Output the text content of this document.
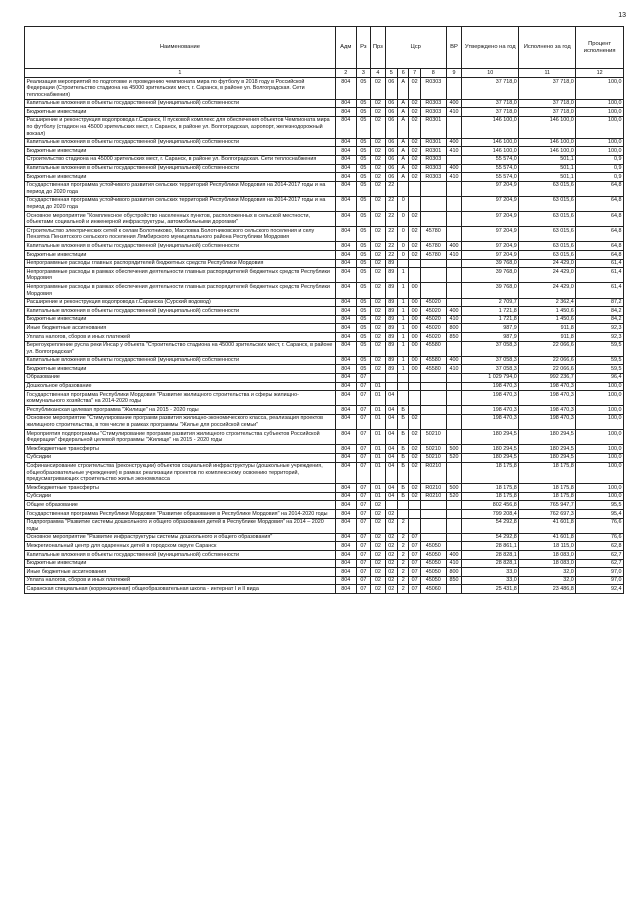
13
Наименование	Адм	Рз	Прз	Цср				ВР	Утверждено на год	Исполнено за год	Процент исполнения
1	2	3	4	5	6	7	8	9	10	11	12
Реализация мероприятий по подготовке и проведению чемпионата мира по футболу в 2018 году в Российской Федерации (Строительство стадиона на 45000 зрительских мест, г. Саранск, в районе ул. Волгоградская. Сети теплоснабжения)	804	05	02	06	А	02	R0303		37 718,0	37 718,0	100,0
Капитальные вложения в объекты государственной (муниципальной) собственности	804	05	02	06	А	02	R0303	400	37 718,0	37 718,0	100,0
Бюджетные инвестиции	804	05	02	06	А	02	R0303	410	37 718,0	37 718,0	100,0
Расширение и реконструкция водопровода г.Саранск, II пусковой комплекс для обеспечения объектов Чемпионата мира по футболу (стадион на 45000 зрительских мест, г. Саранск, в районе ул. Волгоградская, аэропорт, железнодорожный вокзал)	804	05	02	06	А	02	R0301		146 100,0	146 100,0	100,0
Капитальные вложения в объекты государственной (муниципальной) собственности	804	05	02	06	А	02	R0301	400	146 100,0	146 100,0	100,0
Бюджетные инвестиции	804	05	02	06	А	02	R0301	410	146 100,0	146 100,0	100,0
Строительство стадиона на 45000 зрительских мест, г. Саранск, в районе ул. Волгоградская. Сети теплоснабжения	804	05	02	06	А	02	R0303		55 574,0	501,1	0,9
Капитальные вложения в объекты государственной (муниципальной) собственности	804	05	02	06	А	02	R0303	400	55 574,0	501,1	0,9
Бюджетные инвестиции	804	05	02	06	А	02	R0303	410	55 574,0	501,1	0,9
Государственная программа устойчивого развития сельских территорий Республики Мордовия на 2014-2017 годы и на период до 2020 года	804	05	02	22					97 204,9	63 015,6	64,8
Государственная программа устойчивого развития сельских территорий Республики Мордовия на 2014-2017 годы и на период до 2020 года	804	05	02	22	0				97 204,9	63 015,6	64,8
Основное мероприятие "Комплексное обустройство населенных пунктов, расположенных в сельской местности, объектами социальной и инженерной инфраструктуры, автомобильными дорогами"	804	05	02	22	0	02			97 204,9	63 015,6	64,8
Строительство электрических сетей к селам Болотниково, Масловка Болотниковского сельского поселения и селу Пензятка Пензятского сельского поселения Лямбирского муниципального района Республики Мордовия	804	05	02	22	0	02	45780		97 204,9	63 015,6	64,8
Капитальные вложения в объекты государственной (муниципальной) собственности	804	05	02	22	0	02	45780	400	97 204,9	63 015,6	64,8
Бюджетные инвестиции	804	05	02	22	0	02	45780	410	97 204,9	63 015,6	64,8
Непрограммные расходы главных распорядителей бюджетных средств Республики Мордовия	804	05	02	89					39 768,0	24 429,0	61,4
Непрограммные расходы в рамках обеспечения деятельности главных распорядителей бюджетных средств Республики Мордовия	804	05	02	89	1				39 768,0	24 429,0	61,4
Непрограммные расходы в рамках обеспечения деятельности главных распорядителей бюджетных средств Республики Мордовия	804	05	02	89	1	00			39 768,0	24 429,0	61,4
Расширение и реконструкция водопровода г.Саранска (Сурский водовод)	804	05	02	89	1	00	45020		2 709,7	2 362,4	87,2
Капитальные вложения в объекты государственной (муниципальной) собственности	804	05	02	89	1	00	45020	400	1 721,8	1 450,6	84,2
Бюджетные инвестиции	804	05	02	89	1	00	45020	410	1 721,8	1 450,6	84,2
Иные бюджетные ассигнования	804	05	02	89	1	00	45020	800	987,9	911,8	92,3
Уплата налогов, сборов и иных платежей	804	05	02	89	1	00	45020	850	987,9	911,8	92,3
Берегоукрепление русла реки Инсар у объекта "Строительство стадиона на 45000 зрительских мест, г. Саранск, в районе ул. Волгоградская"	804	05	02	89	1	00	45580		37 058,3	22 066,6	59,5
Капитальные вложения в объекты государственной (муниципальной) собственности	804	05	02	89	1	00	45580	400	37 058,3	22 066,6	59,5
Бюджетные инвестиции	804	05	02	89	1	00	45580	410	37 058,3	22 066,6	59,5
Образование	804	07							1 029 794,0	992 236,7	96,4
Дошкольное образование	804	07	01						198 470,3	198 470,3	100,0
Государственная программа Республики Мордовия "Развитие жилищного строительства и сферы жилищно-коммунального хозяйства" на 2014-2020 годы	804	07	01	04					198 470,3	198 470,3	100,0
Республиканская целевая программа "Жилище" на 2015 - 2020 годы	804	07	01	04	Б				198 470,3	198 470,3	100,0
Основное мероприятие "Стимулирование программ развития жилищно-экономического класса, реализация проектов жилищного строительства, в том числе в рамках программы "Жилье для российской семьи"	804	07	01	04	Б	02			198 470,3	198 470,3	100,0
Мероприятия подпрограммы "Стимулирование программ развития жилищного строительства субъектов Российской Федерации" федеральной целевой программы "Жилище" на 2015 - 2020 годы	804	07	01	04	Б	02	50210		180 294,5	180 294,5	100,0
Межбюджетные трансферты	804	07	01	04	Б	02	50210	500	180 294,5	180 294,5	100,0
Субсидии	804	07	01	04	Б	02	50210	520	180 294,5	180 294,5	100,0
Софинансирование строительства (реконструкции) объектов социальной инфраструктуры (дошкольные учреждения, общеобразовательные учреждения) в рамках реализации проектов по комплексному освоению территорий, предусматривающих строительство жилья экономкласса	804	07	01	04	Б	02	R0210		18 175,8	18 175,8	100,0
Межбюджетные трансферты	804	07	01	04	Б	02	R0210	500	18 175,8	18 175,8	100,0
Субсидии	804	07	01	04	Б	02	R0210	520	18 175,8	18 175,8	100,0
Общее образование	804	07	02						802 456,8	765 947,7	95,5
Государственная программа Республики Мордовия "Развитие образования в Республике Мордовия" на 2014-2020 годы	804	07	02	02					799 208,4	762 697,3	95,4
Подпрограмма "Развитие системы дошкольного и общего образования детей в Республике Мордовия" на 2014 – 2020 годы	804	07	02	02	2				54 292,8	41 601,8	76,6
Основное мероприятие "Развитие инфраструктуры системы дошкольного и общего образования"	804	07	02	02	2	07			54 292,8	41 601,8	76,6
Межрегиональный центр для одаренных детей в городском округе Саранск	804	07	02	02	2	07	45050		28 861,1	18 115,0	62,8
Капитальные вложения в объекты государственной (муниципальной) собственности	804	07	02	02	2	07	45050	400	28 828,1	18 083,0	62,7
Бюджетные инвестиции	804	07	02	02	2	07	45050	410	28 828,1	18 083,0	62,7
Иные бюджетные ассигнования	804	07	02	02	2	07	45050	800	33,0	32,0	97,0
Уплата налогов, сборов и иных платежей	804	07	02	02	2	07	45050	850	33,0	32,0	97,0
Саранская специальная (коррекционная) общеобразовательная школа - интернат I и II вида	804	07	02	02	2	07	45060		25 431,8	23 486,8	92,4
